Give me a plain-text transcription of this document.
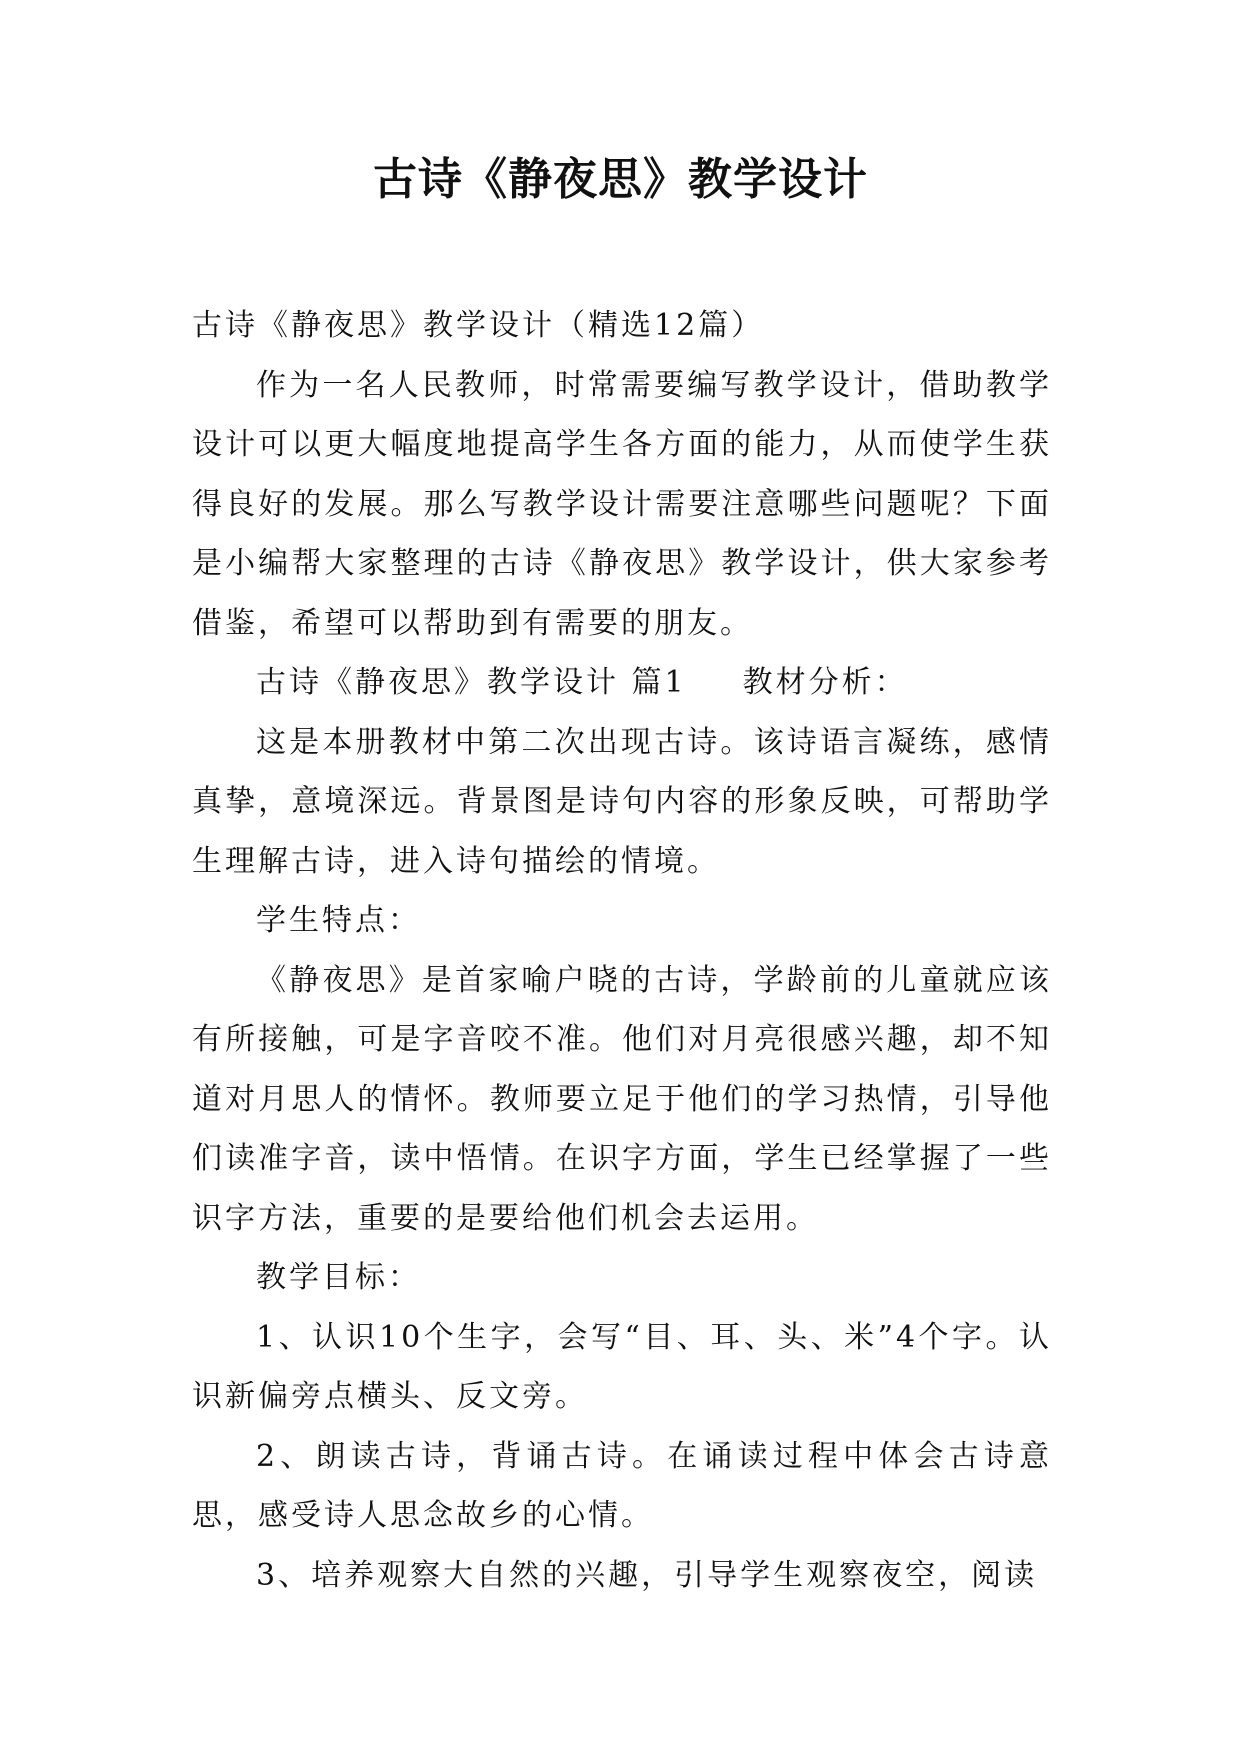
古诗《静夜思》教学设计

古诗《静夜思》教学设计（精选12篇）

作为一名人民教师，时常需要编写教学设计，借助教学设计可以更大幅度地提高学生各方面的能力，从而使学生获得良好的发展。那么写教学设计需要注意哪些问题呢？下面是小编帮大家整理的古诗《静夜思》教学设计，供大家参考借鉴，希望可以帮助到有需要的朋友。

古诗《静夜思》教学设计 篇1 教材分析：

这是本册教材中第二次出现古诗。该诗语言凝练，感情真挚，意境深远。背景图是诗句内容的形象反映，可帮助学生理解古诗，进入诗句描绘的情境。

学生特点：

《静夜思》是首家喻户晓的古诗，学龄前的儿童就应该有所接触，可是字音咬不准。他们对月亮很感兴趣，却不知道对月思人的情怀。教师要立足于他们的学习热情，引导他们读准字音，读中悟情。在识字方面，学生已经掌握了一些识字方法，重要的是要给他们机会去运用。

教学目标：

1、认识10个生字，会写“目、耳、头、米”4个字。认识新偏旁点横头、反文旁。

2、朗读古诗，背诵古诗。在诵读过程中体会古诗意思，感受诗人思念故乡的心情。

3、培养观察大自然的兴趣，引导学生观察夜空，阅读
